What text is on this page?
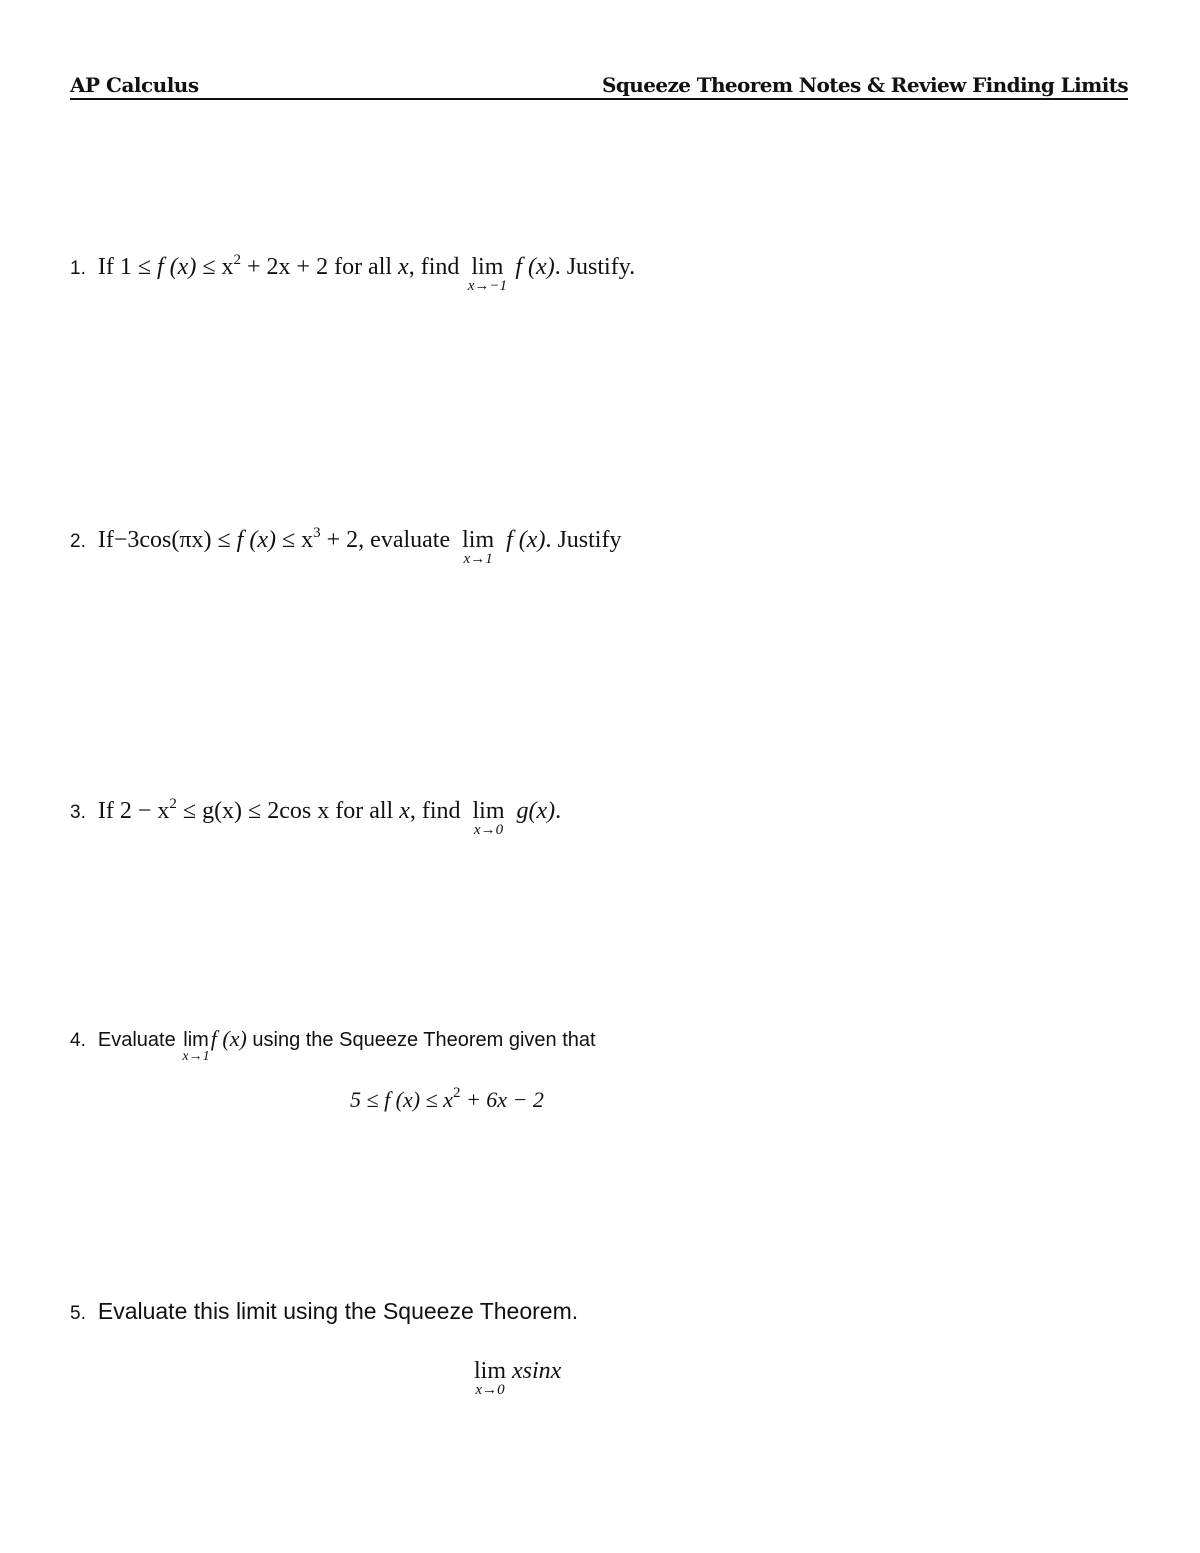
AP Calculus	Squeeze Theorem Notes & Review Finding Limits
1. If 1 ≤ f $(x) \le x^2 + 2x + 2$ for all x, find lim
x→−1
f (x). Justify.
2. If−3cos(πx) ≤ f $(x) \le x^3 + 2$, evaluate lim
x→1
f (x). Justify
3. If $2 - x^2 \le g(x) \le 2\cos$ x for all x, find lim
x→0
g(x).
4. Evaluate lim
x→1
f (x) using the Squeeze Theorem given that
5 ≤ f $(x) \le x^2 + 6x - 2$
5. Evaluate this limit using the Squeeze Theorem.
lim
x→0
xsinx
